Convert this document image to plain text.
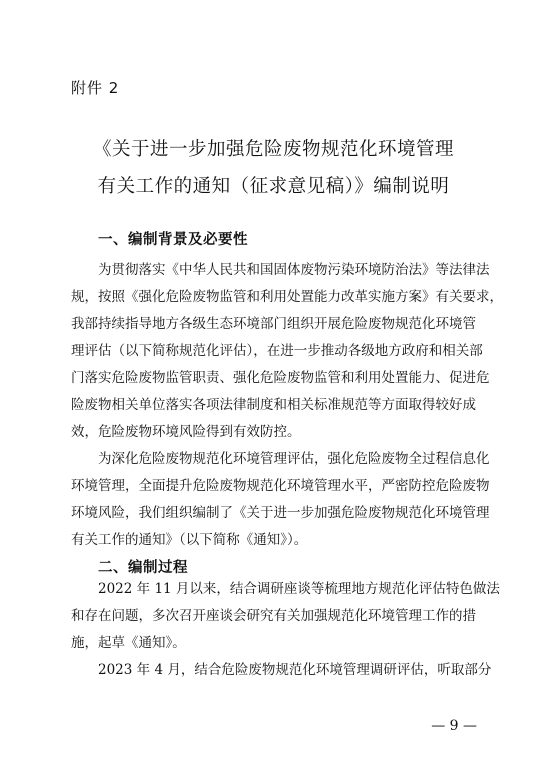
附件 2
《关于进一步加强危险废物规范化环境管理
有关工作的通知（征求意见稿）》编制说明
一、编制背景及必要性
为贯彻落实《中华人民共和国固体废物污染环境防治法》等法律法
规，按照《强化危险废物监管和利用处置能力改革实施方案》有关要求，
我部持续指导地方各级生态环境部门组织开展危险废物规范化环境管
理评估（以下简称规范化评估），在进一步推动各级地方政府和相关部
门落实危险废物监管职责、强化危险废物监管和利用处置能力、促进危
险废物相关单位落实各项法律制度和相关标准规范等方面取得较好成
效，危险废物环境风险得到有效防控。
为深化危险废物规范化环境管理评估，强化危险废物全过程信息化
环境管理，全面提升危险废物规范化环境管理水平，严密防控危险废物
环境风险，我们组织编制了《关于进一步加强危险废物规范化环境管理
有关工作的通知》（以下简称《通知》）。
二、编制过程
2022 年 11 月以来，结合调研座谈等梳理地方规范化评估特色做法
和存在问题，多次召开座谈会研究有关加强规范化环境管理工作的措
施，起草《通知》。
2023 年 4 月，结合危险废物规范化环境管理调研评估，听取部分
— 9 —
